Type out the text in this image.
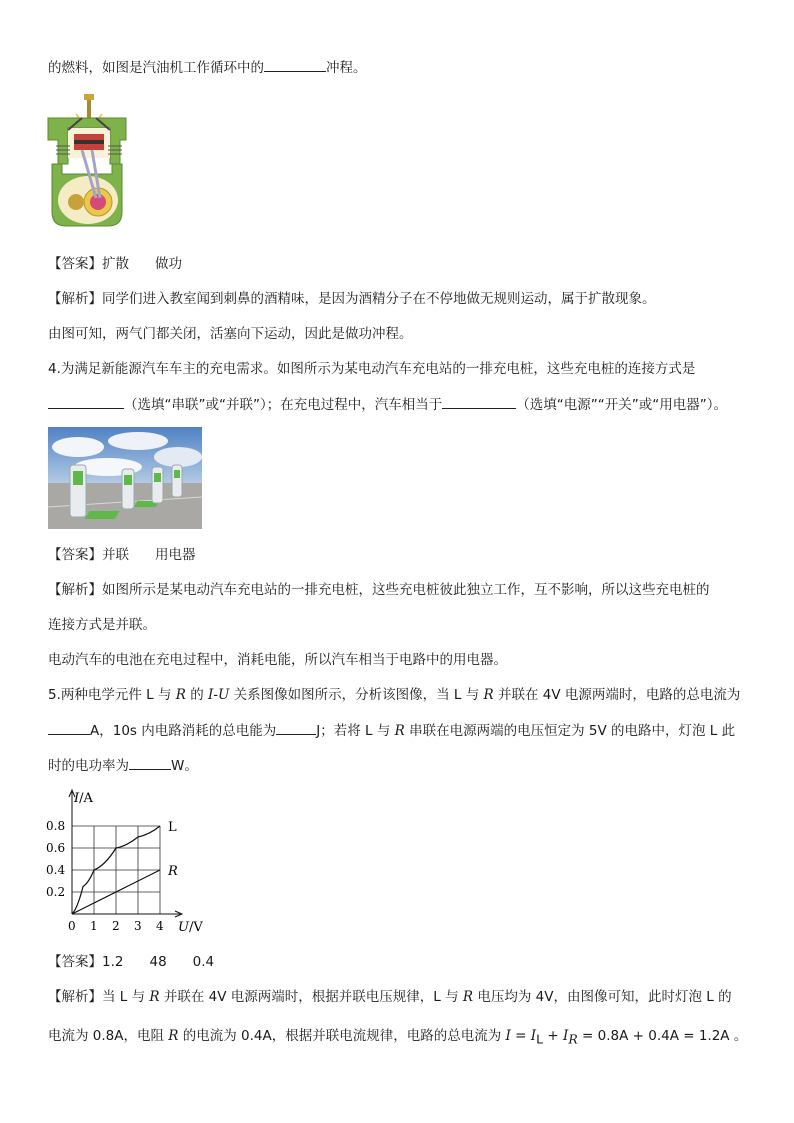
的燃料，如图是汽油机工作循环中的	冲程。
【答案】扩散 做功
【解析】同学们进入教室闻到刺鼻的酒精味，是因为酒精分子在不停地做无规则运动，属于扩散现象。
由图可知，两气门都关闭，活塞向下运动，因此是做功冲程。
4.为满足新能源汽车车主的充电需求。如图所示为某电动汽车充电站的一排充电桩，这些充电桩的连接方式是
（选填“串联”或“并联”）；在充电过程中，汽车相当于	（选填“电源”“开关”或“用电器”）。
【答案】并联 用电器
【解析】如图所示是某电动汽车充电站的一排充电桩，这些充电桩彼此独立工作，互不影响，所以这些充电桩的
连接方式是并联。
电动汽车的电池在充电过程中，消耗电能，所以汽车相当于电路中的用电器。
5.两种电学元件 L 与 R 的 I-U 关系图像如图所示，分析该图像，当 L 与 R 并联在 4V 电源两端时，电路的总电流为
A，10s 内电路消耗的总电能为	J；若将 L 与 R 串联在电源两端的电压恒定为 5V 的电路中，灯泡 L 此
时的电功率为	W。
L
R
0 1 2 3 4
0.2
0.4
0.6
0.8
I/A
U/V
【答案】1.2 48 0.4
【解析】当 L 与 R 并联在 4V 电源两端时，根据并联电压规律，L 与 R 电压均为 4V，由图像可知，此时灯泡 L 的
电流为 0.8A，电阻 R 的电流为 0.4A，根据并联电流规律，电路的总电流为 $I = I_L + I_R = 0.8A + 0.4A = 1.2A$ 。
